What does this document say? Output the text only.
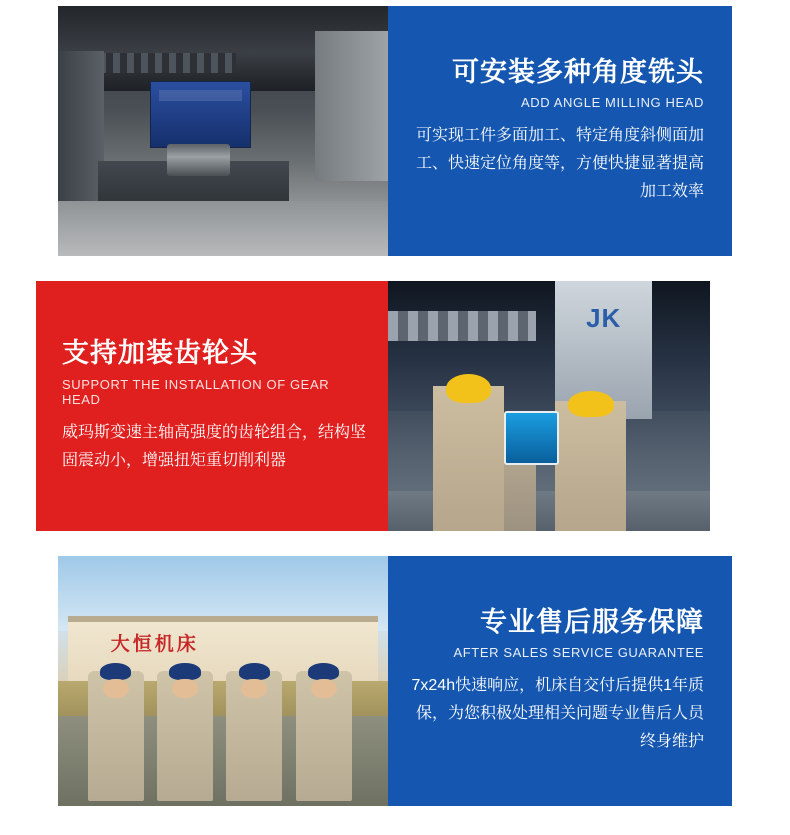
可安装多种角度铣头
ADD ANGLE MILLING HEAD
可实现工件多面加工、特定角度斜侧面加工、快速定位角度等，方便快捷显著提高加工效率
支持加装齿轮头
SUPPORT THE INSTALLATION OF GEAR HEAD
威玛斯变速主轴高强度的齿轮组合，结构坚固震动小，增强扭矩重切削利器
JK
大恒机床
专业售后服务保障
AFTER SALES SERVICE GUARANTEE
7x24h快速响应，机床自交付后提供1年质保，为您积极处理相关问题专业售后人员终身维护
